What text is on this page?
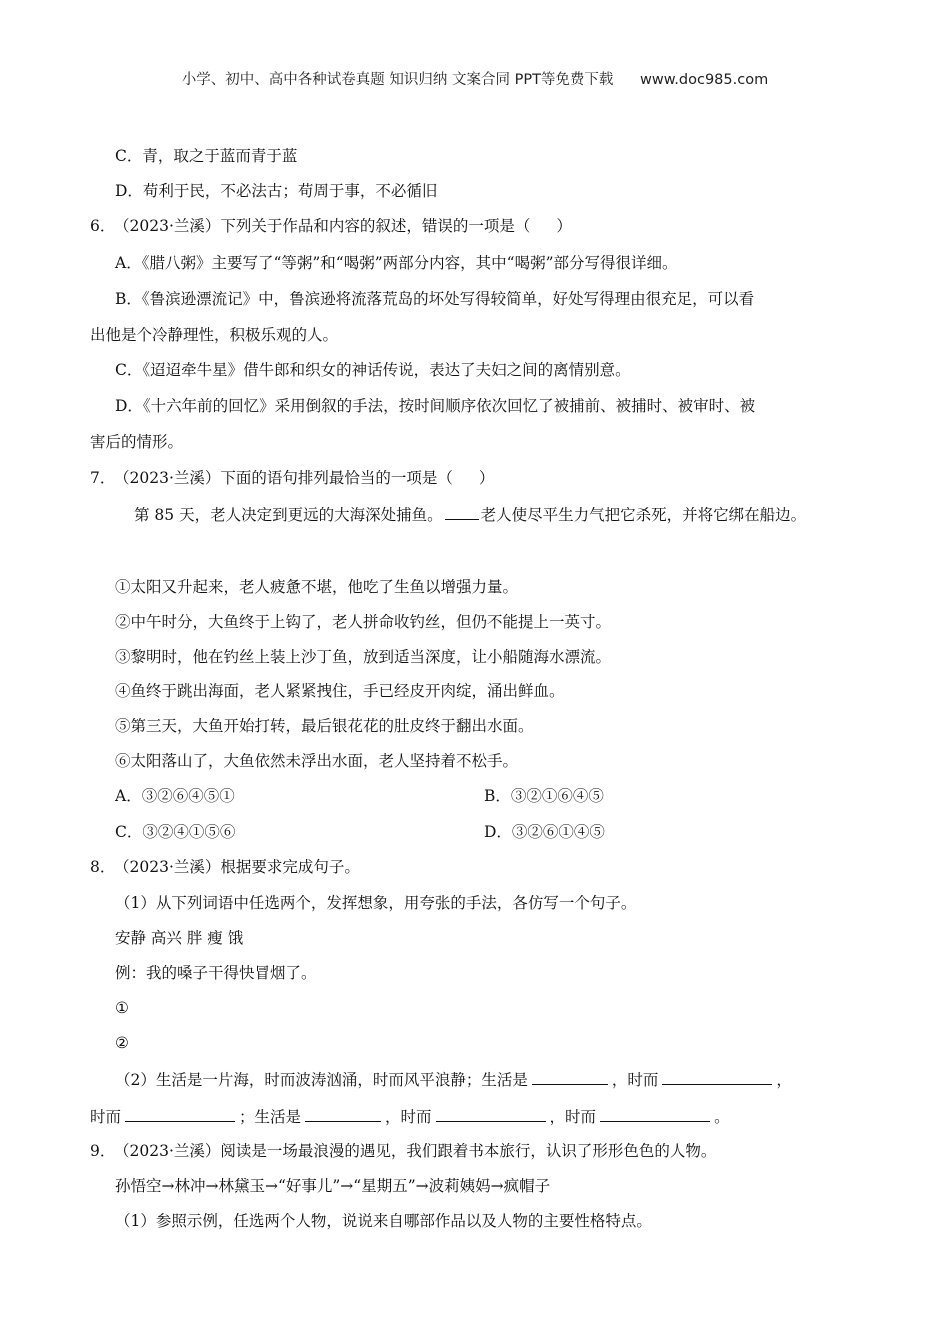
小学、初中、高中各种试卷真题 知识归纳 文案合同 PPT等免费下载 www.doc985.com
C．青，取之于蓝而青于蓝
D．苟利于民，不必法古；苟周于事，不必循旧
6．（2023·兰溪）下列关于作品和内容的叙述，错误的一项是（ ）
A．《腊八粥》主要写了“等粥”和“喝粥”两部分内容，其中“喝粥”部分写得很详细。
B．《鲁滨逊漂流记》中，鲁滨逊将流落荒岛的坏处写得较简单，好处写得理由很充足，可以看
出他是个冷静理性，积极乐观的人。
C．《迢迢牵牛星》借牛郎和织女的神话传说，表达了夫妇之间的离情别意。
D．《十六年前的回忆》采用倒叙的手法，按时间顺序依次回忆了被捕前、被捕时、被审时、被
害后的情形。
7．（2023·兰溪）下面的语句排列最恰当的一项是（ ）
第 85 天，老人决定到更远的大海深处捕鱼。 老人使尽平生力气把它杀死，并将它绑在船边。
①太阳又升起来，老人疲惫不堪，他吃了生鱼以增强力量。
②中午时分，大鱼终于上钩了，老人拼命收钓丝，但仍不能提上一英寸。
③黎明时，他在钓丝上装上沙丁鱼，放到适当深度，让小船随海水漂流。
④鱼终于跳出海面，老人紧紧拽住，手已经皮开肉绽，涌出鲜血。
⑤第三天，大鱼开始打转，最后银花花的肚皮终于翻出水面。
⑥太阳落山了，大鱼依然未浮出水面，老人坚持着不松手。
A．③②⑥④⑤①	B．③②①⑥④⑤
C．③②④①⑤⑥	D．③②⑥①④⑤
8．（2023·兰溪）根据要求完成句子。
（1）从下列词语中任选两个，发挥想象，用夸张的手法，各仿写一个句子。
安静 高兴 胖 瘦 饿
例：我的嗓子干得快冒烟了。
①
②
（2）生活是一片海，时而波涛汹涌，时而风平浪静；生活是	，时而	，
时而	；生活是	，时而	，时而	。
9．（2023·兰溪）阅读是一场最浪漫的遇见，我们跟着书本旅行，认识了形形色色的人物。
孙悟空→林冲→林黛玉→“好事儿”→“星期五”→波莉姨妈→疯帽子
（1）参照示例，任选两个人物，说说来自哪部作品以及人物的主要性格特点。
